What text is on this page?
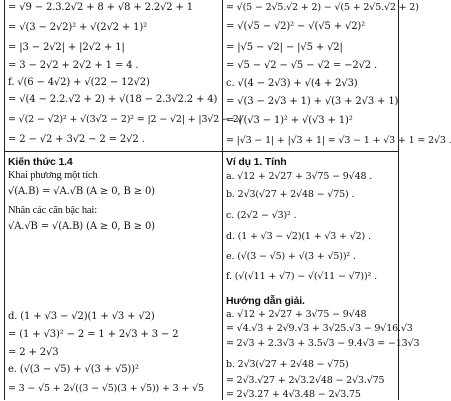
= √9 − 2.3.2√2 + 8 + √8 + 2.2√2 + 1
= √(3 − 2√2)² + √(2√2 + 1)²
= |3 − 2√2| + |2√2 + 1|
= 3 − 2√2 + 2√2 + 1 = 4 .
f. √(6 − 4√2) + √(22 − 12√2)
= √(4 − 2.2.√2 + 2) + √(18 − 2.3√2.2 + 4)
= √(2 − √2)² + √(3√2 − 2)² = |2 − √2| + |3√2 − 2|
= 2 − √2 + 3√2 − 2 = 2√2 .
= √(5 − 2√5.√2 + 2) − √(5 + 2√5.√2 + 2)
= √(√5 − √2)² − √(√5 + √2)²
= |√5 − √2| − |√5 + √2|
= √5 − √2 − √5 − √2 = −2√2 .
c. √(4 − 2√3) + √(4 + 2√3)
= √(3 − 2√3 + 1) + √(3 + 2√3 + 1)
= √(√3 − 1)² + √(√3 + 1)²
= |√3 − 1| + |√3 + 1| = √3 − 1 + √3 + 1 = 2√3 .
Kiến thức 1.4
Khai phương một tích
√(A.B) = √A.√B (A ≥ 0, B ≥ 0)
Nhân các căn bậc hai:
√A.√B = √(A.B) (A ≥ 0, B ≥ 0)
d. (1 + √3 − √2)(1 + √3 + √2)
= (1 + √3)² − 2 = 1 + 2√3 + 3 − 2
= 2 + 2√3
e. (√(3 − √5) + √(3 + √5))²
= 3 − √5 + 2√((3 − √5)(3 + √5)) + 3 + √5
Ví dụ 1. Tính
a. √12 + 2√27 + 3√75 − 9√48 .
b. 2√3(√27 + 2√48 − √75) .
c. (2√2 − √3)² .
d. (1 + √3 − √2)(1 + √3 + √2) .
e. (√(3 − √5) + √(3 + √5))² .
f. (√(√11 + √7) − √(√11 − √7))² .
Hướng dẫn giải.
a. √12 + 2√27 + 3√75 − 9√48
= √4.√3 + 2√9.√3 + 3√25.√3 − 9√16.√3
= 2√3 + 2.3√3 + 3.5√3 − 9.4√3 = −13√3
b. 2√3(√27 + 2√48 − √75)
= 2√3.√27 + 2√3.2√48 − 2√3.√75
= 2√3.27 + 4√3.48 − 2√3.75
